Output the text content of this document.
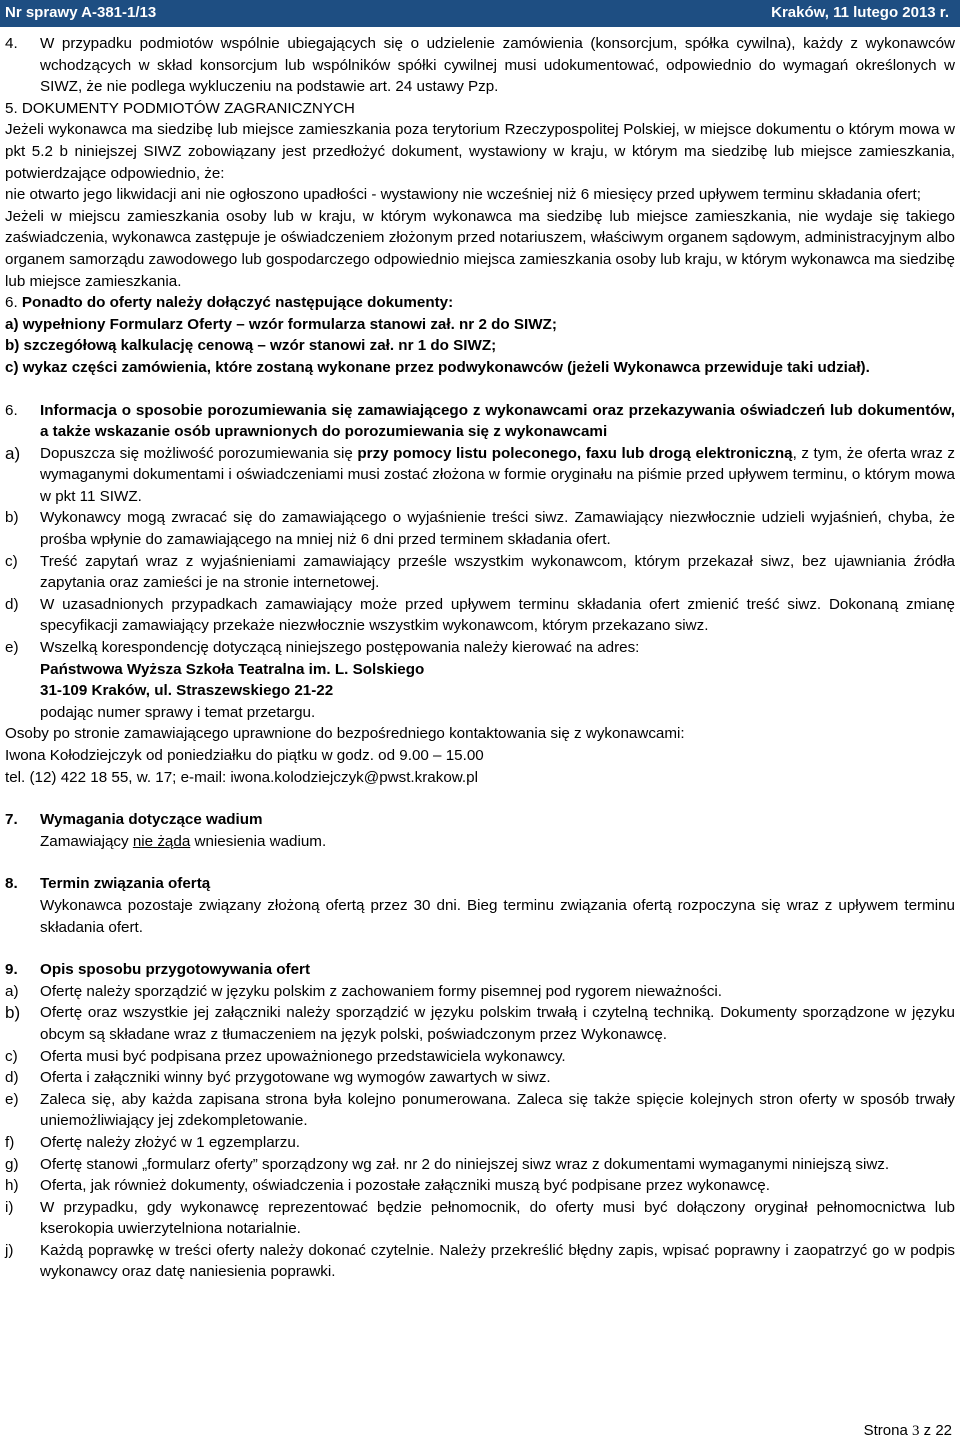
Nr sprawy A-381-1/13	Kraków, 11 lutego 2013 r.
4.	W przypadku podmiotów wspólnie ubiegających się o udzielenie zamówienia (konsorcjum, spółka cywilna), każdy z wykonawców wchodzących w skład konsorcjum lub wspólników spółki cywilnej musi udokumentować, odpowiednio do wymagań określonych w SIWZ, że nie podlega wykluczeniu na podstawie art. 24 ustawy Pzp.

5. DOKUMENTY PODMIOTÓW ZAGRANICZNYCH

Jeżeli wykonawca ma siedzibę lub miejsce zamieszkania poza terytorium Rzeczypospolitej Polskiej, w miejsce dokumentu o którym mowa w pkt 5.2 b niniejszej SIWZ zobowiązany jest przedłożyć dokument, wystawiony w kraju, w którym ma siedzibę lub miejsce zamieszkania, potwierdzające odpowiednio, że:

nie otwarto jego likwidacji ani nie ogłoszono upadłości - wystawiony nie wcześniej niż 6 miesięcy przed upływem terminu składania ofert;

Jeżeli w miejscu zamieszkania osoby lub w kraju, w którym wykonawca ma siedzibę lub miejsce zamieszkania, nie wydaje się takiego zaświadczenia, wykonawca zastępuje je oświadczeniem złożonym przed notariuszem, właściwym organem sądowym, administracyjnym albo organem samorządu zawodowego lub gospodarczego odpowiednio miejsca zamieszkania osoby lub kraju, w którym wykonawca ma siedzibę lub miejsce zamieszkania.

6. Ponadto do oferty należy dołączyć następujące dokumenty:

a) wypełniony Formularz Oferty – wzór formularza stanowi zał. nr 2 do SIWZ;

b) szczegółową kalkulację cenową – wzór stanowi zał. nr 1 do SIWZ;

c) wykaz części zamówienia, które zostaną wykonane przez podwykonawców (jeżeli Wykonawca przewiduje taki udział).

6.	Informacja o sposobie porozumiewania się zamawiającego z wykonawcami oraz przekazywania oświadczeń lub dokumentów, a także wskazanie osób uprawnionych do porozumiewania się z wykonawcami
a)	Dopuszcza się możliwość porozumiewania się przy pomocy listu poleconego, faxu lub drogą elektroniczną, z tym, że oferta wraz z wymaganymi dokumentami i oświadczeniami musi zostać złożona w formie oryginału na piśmie przed upływem terminu, o którym mowa w pkt 11 SIWZ.
b)	Wykonawcy mogą zwracać się do zamawiającego o wyjaśnienie treści siwz. Zamawiający niezwłocznie udzieli wyjaśnień, chyba, że prośba wpłynie do zamawiającego na mniej niż 6 dni przed terminem składania ofert.
c)	Treść zapytań wraz z wyjaśnieniami zamawiający prześle wszystkim wykonawcom, którym przekazał siwz, bez ujawniania źródła zapytania oraz zamieści je na stronie internetowej.
d)	W uzasadnionych przypadkach zamawiający może przed upływem terminu składania ofert zmienić treść siwz. Dokonaną zmianę specyfikacji zamawiający przekaże niezwłocznie wszystkim wykonawcom, którym przekazano siwz.
e)	Wszelką korespondencję dotyczącą niniejszego postępowania należy kierować na adres:
Państwowa Wyższa Szkoła Teatralna im. L. Solskiego
31-109 Kraków, ul. Straszewskiego 21-22
podając numer sprawy i temat przetargu.

Osoby po stronie zamawiającego uprawnione do bezpośredniego kontaktowania się z wykonawcami:

Iwona Kołodziejczyk od poniedziałku do piątku w godz. od 9.00 – 15.00

tel. (12) 422 18 55, w. 17; e-mail: iwona.kolodziejczyk@pwst.krakow.pl

7.	Wymagania dotyczące wadium
Zamawiający nie żąda wniesienia wadium.
8.	Termin związania ofertą
Wykonawca pozostaje związany złożoną ofertą przez 30 dni. Bieg terminu związania ofertą rozpoczyna się wraz z upływem terminu składania ofert.
9.	Opis sposobu przygotowywania ofert
a)	Ofertę należy sporządzić w języku polskim z zachowaniem formy pisemnej pod rygorem nieważności.
b)	Ofertę oraz wszystkie jej załączniki należy sporządzić w języku polskim trwałą i czytelną techniką. Dokumenty sporządzone w języku obcym są składane wraz z tłumaczeniem na język polski, poświadczonym przez Wykonawcę.
c)	Oferta musi być podpisana przez upoważnionego przedstawiciela wykonawcy.
d)	Oferta i załączniki winny być przygotowane wg wymogów zawartych w siwz.
e)	Zaleca się, aby każda zapisana strona była kolejno ponumerowana. Zaleca się także spięcie kolejnych stron oferty w sposób trwały uniemożliwiający jej zdekompletowanie.
f)	Ofertę należy złożyć w 1 egzemplarzu.
g)	Ofertę stanowi „formularz oferty” sporządzony wg zał. nr 2 do niniejszej siwz wraz z dokumentami wymaganymi niniejszą siwz.
h)	Oferta, jak również dokumenty, oświadczenia i pozostałe załączniki muszą być podpisane przez wykonawcę.
i)	W przypadku, gdy wykonawcę reprezentować będzie pełnomocnik, do oferty musi być dołączony oryginał pełnomocnictwa lub kserokopia uwierzytelniona notarialnie.
j)	Każdą poprawkę w treści oferty należy dokonać czytelnie. Należy przekreślić błędny zapis, wpisać poprawny i zaopatrzyć go w podpis wykonawcy oraz datę naniesienia poprawki.
Strona 3 z 22
